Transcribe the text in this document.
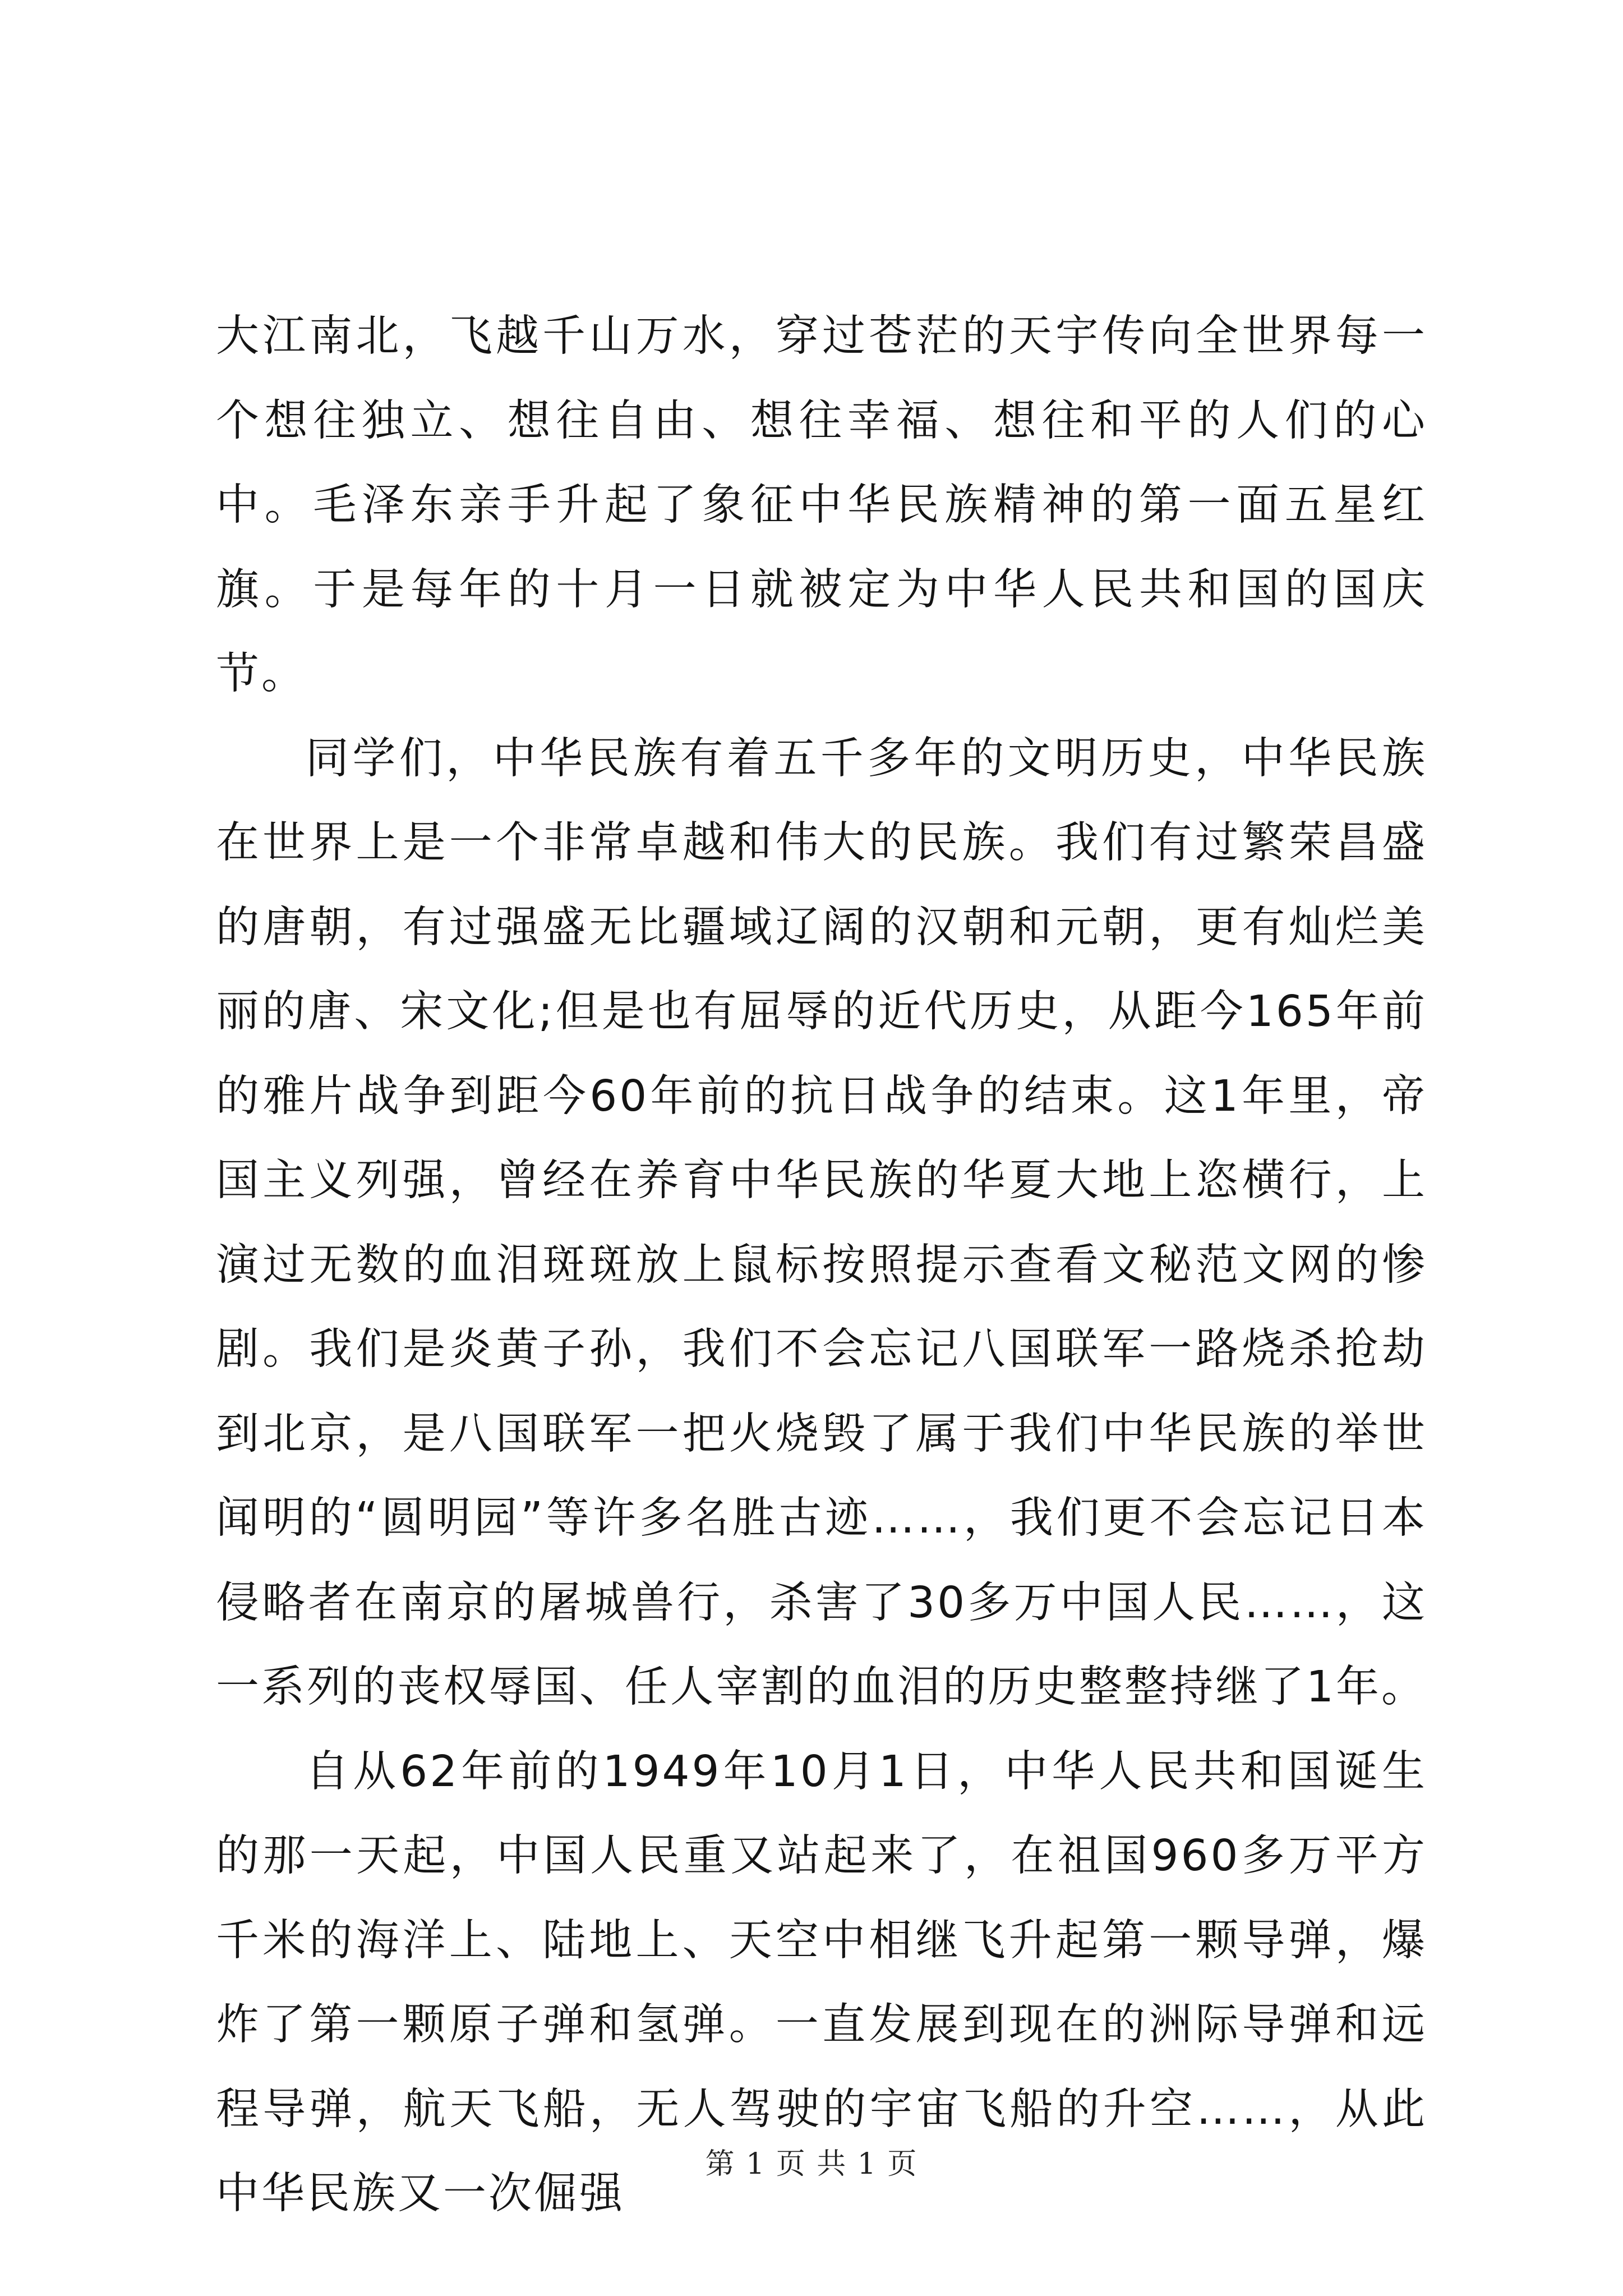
大江南北，飞越千山万水，穿过苍茫的天宇传向全世界每一个想往独立、想往自由、想往幸福、想往和平的人们的心中。毛泽东亲手升起了象征中华民族精神的第一面五星红旗。于是每年的十月一日就被定为中华人民共和国的国庆节。

同学们，中华民族有着五千多年的文明历史，中华民族在世界上是一个非常卓越和伟大的民族。我们有过繁荣昌盛的唐朝，有过强盛无比疆域辽阔的汉朝和元朝，更有灿烂美丽的唐、宋文化;但是也有屈辱的近代历史，从距今165年前的雅片战争到距今60年前的抗日战争的结束。这1年里，帝国主义列强，曾经在养育中华民族的华夏大地上恣横行，上演过无数的血泪斑斑放上鼠标按照提示查看文秘范文网的惨剧。我们是炎黄子孙，我们不会忘记八国联军一路烧杀抢劫到北京，是八国联军一把火烧毁了属于我们中华民族的举世闻明的“圆明园”等许多名胜古迹……，我们更不会忘记日本侵略者在南京的屠城兽行，杀害了30多万中国人民……，这一系列的丧权辱国、任人宰割的血泪的历史整整持继了1年。

自从62年前的1949年10月1日，中华人民共和国诞生的那一天起，中国人民重又站起来了，在祖国960多万平方千米的海洋上、陆地上、天空中相继飞升起第一颗导弹，爆炸了第一颗原子弹和氢弹。一直发展到现在的洲际导弹和远程导弹，航天飞船，无人驾驶的宇宙飞船的升空……，从此中华民族又一次倔强

第 1 页 共 1 页
